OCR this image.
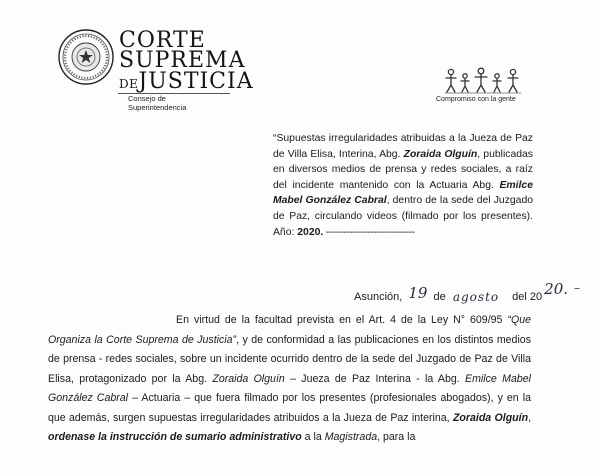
CORTE
SUPREMA
DEJUSTICIA
Consejo de
Superintendencia
Compromiso con la gente
“Supuestas irregularidades atribuidas a la Jueza de Paz de Villa Elisa, Interina, Abg. Zoraida Olguín, publicadas en diversos medios de prensa y redes sociales, a raíz del incidente mantenido con la Actuaria Abg. Emilce Mabel González Cabral, dentro de la sede del Juzgado de Paz, circulando videos (filmado por los presentes). Año: 2020. ------------------------------
Asunción, 19 de agosto del 20 20. –
En virtud de la facultad prevista en el Art. 4 de la Ley N° 609/95 “Que Organiza la Corte Suprema de Justicia”, y de conformidad a las publicaciones en los distintos medios de prensa - redes sociales, sobre un incidente ocurrido dentro de la sede del Juzgado de Paz de Villa Elisa, protagonizado por la Abg. Zoraida Olguín – Jueza de Paz Interina - la Abg. Emilce Mabel González Cabral – Actuaria – que fuera filmado por los presentes (profesionales abogados), y en la que además, surgen supuestas irregularidades atribuidos a la Jueza de Paz interina, Zoraida Olguín, ordenase la instrucción de sumario administrativo a la Magistrada, para la
